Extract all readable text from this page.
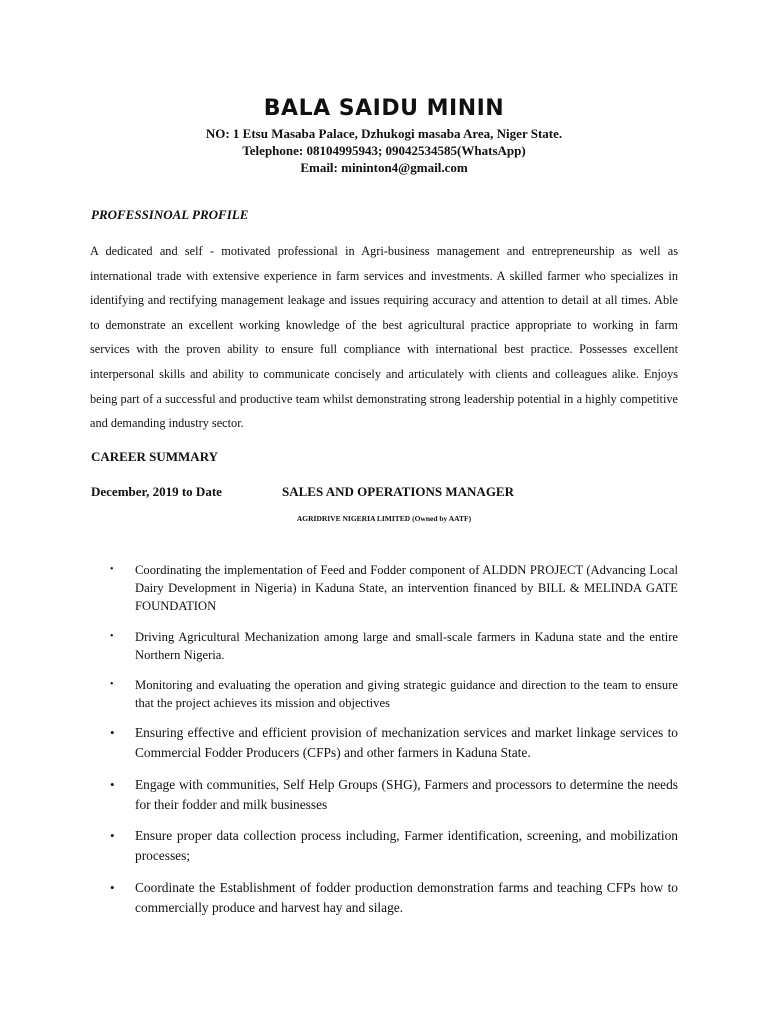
BALA SAIDU MININ
NO: 1 Etsu Masaba Palace, Dzhukogi masaba Area, Niger State.
Telephone: 08104995943; 09042534585(WhatsApp)
Email: mininton4@gmail.com
PROFESSINOAL PROFILE

A dedicated and self - motivated professional in Agri-business management and entrepreneurship as well as international trade with extensive experience in farm services and investments. A skilled farmer who specializes in identifying and rectifying management leakage and issues requiring accuracy and attention to detail at all times. Able to demonstrate an excellent working knowledge of the best agricultural practice appropriate to working in farm services with the proven ability to ensure full compliance with international best practice. Possesses excellent interpersonal skills and ability to communicate concisely and articulately with clients and colleagues alike. Enjoys being part of a successful and productive team whilst demonstrating strong leadership potential in a highly competitive and demanding industry sector.

CAREER SUMMARY
December, 2019 to Date	SALES AND OPERATIONS MANAGER
AGRIDRIVE NIGERIA LIMITED (Owned by AATF)
• Coordinating the implementation of Feed and Fodder component of ALDDN PROJECT (Advancing Local Dairy Development in Nigeria) in Kaduna State, an intervention financed by BILL & MELINDA GATE FOUNDATION

• Driving Agricultural Mechanization among large and small-scale farmers in Kaduna state and the entire Northern Nigeria.

• Monitoring and evaluating the operation and giving strategic guidance and direction to the team to ensure that the project achieves its mission and objectives

• Ensuring effective and efficient provision of mechanization services and market linkage services to Commercial Fodder Producers (CFPs) and other farmers in Kaduna State.

• Engage with communities, Self Help Groups (SHG), Farmers and processors to determine the needs for their fodder and milk businesses

• Ensure proper data collection process including, Farmer identification, screening, and mobilization processes;

• Coordinate the Establishment of fodder production demonstration farms and teaching CFPs how to commercially produce and harvest hay and silage.
